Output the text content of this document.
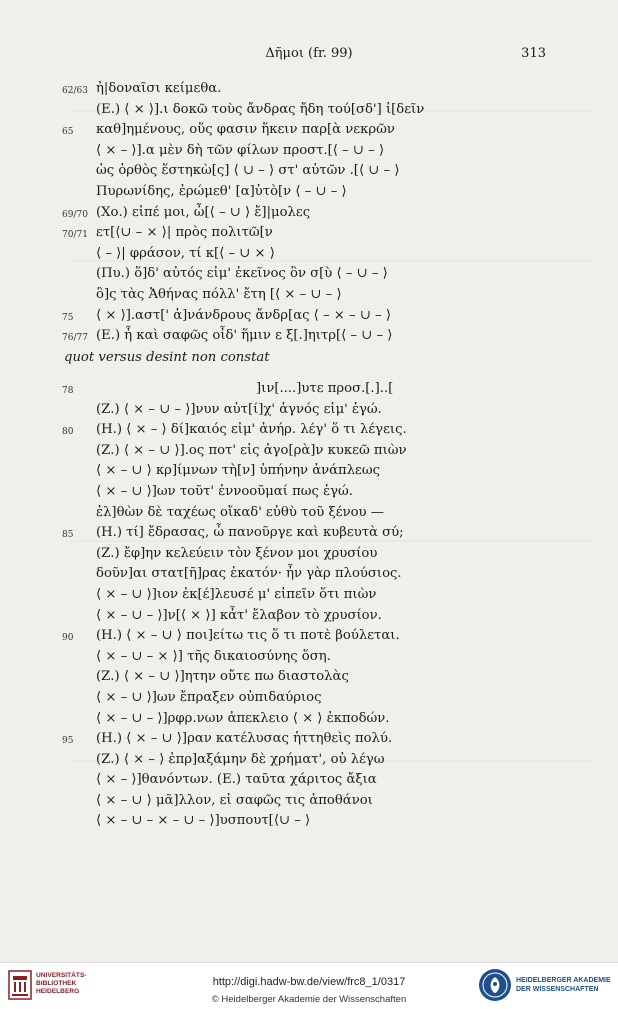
Δῆμοι (fr. 99)	313
62/63 ἠ|δοναῖσι κείμεθα.
(Ε.) ⟨ × ⟩].ι δοκῶ τοὺς ἄνδρας ἤδη τού[σδ'] ἰ[δεῖν
65 καθ]ημένους, οὕς φασιν ἥκειν παρ[ὰ νεκρῶν
⟨ × – ⟩].α μὲν δὴ τῶν φίλων προστ.[⟨ – ∪ – ⟩
ὡς ὀρθὸς ἕστηκὼ[ς] ⟨ ∪ – ⟩ στ' αὐτῶν .[⟨ ∪ – ⟩
Πυρωνίδης, ἐρώμεθ' [α]ὐτὸ[ν ⟨ – ∪ – ⟩
69/70 (Χο.) εἰπέ μοι, ὦ[⟨ – ∪ ⟩ ἔ]|μολες
70/71 ετ[⟨∪ – × ⟩| πρὸς πολιτῶ[ν
⟨ – ⟩| φράσον, τί κ[⟨ – ∪ × ⟩
(Πυ.) ὅ]δ' αὐτός εἰμ' ἐκεῖνος ὃν σ[ὺ ⟨ – ∪ – ⟩
ὃ]ς τὰς Ἀθήνας πόλλ' ἔτη [⟨ × – ∪ – ⟩
75 ⟨ × ⟩].αστ[' ἀ]νάνδρους ἄνδρ[ας ⟨ – × – ∪ – ⟩
76/77 (Ε.) ἦ καὶ σαφῶς οἶδ' ἥμιν ε ξ[.]ηιτρ[⟨ – ∪ – ⟩
quot versus desint non constat
78	]ιν[....]υτε προσ.[.]..[
(Ζ.) ⟨ × – ∪ – ⟩]νυν αὐτ[ί]χ' ἁγνός εἰμ' ἐγώ.
80 (Η.) ⟨ × – ⟩ δί]καιός εἰμ' ἀνήρ. λέγ' ὅ τι λέγεις.
(Ζ.) ⟨ × – ∪ ⟩].ος ποτ' εἰς ἀγο[ρὰ]ν κυκεῶ πιὼν
⟨ × – ∪ ⟩ κρ]ίμνων τὴ[ν] ὑπήνην ἀνάπλεως
⟨ × – ∪ ⟩]ων τοῦτ' ἐννοοῦμαί πως ἐγώ.
ἐλ]θὼν δὲ ταχέως οἴκαδ' εὐθὺ τοῦ ξένου —
85 (Η.) τί] ἔδρασας, ὦ πανοῦργε καὶ κυβευτὰ σύ;
(Ζ.) ἔφ]ην κελεύειν τὸν ξένον μοι χρυσίου
δοῦν]αι στατ[ῆ]ρας ἑκατόν· ἦν γὰρ πλούσιος.
⟨ × – ∪ ⟩]ιον ἐκ[έ]λευσέ μ' εἰπεῖν ὅτι πιὼν
⟨ × – ∪ – ⟩]ν[⟨ × ⟩] κἆτ' ἔλαβον τὸ χρυσίον.
90 (Η.) ⟨ × – ∪ ⟩ ποι]είτω τις ὅ τι ποτὲ βούλεται.
⟨ × – ∪ – × ⟩] τῆς δικαιοσύνης ὅση.
(Ζ.) ⟨ × – ∪ ⟩]ητην οὔτε πω διαστολὰς
⟨ × – ∪ ⟩]ων ἔπραξεν οὐπιδαύριος
⟨ × – ∪ – ⟩]ρφρ.νων ἀπεκλειο ⟨ × ⟩ ἐκποδών.
95 (Η.) ⟨ × – ∪ ⟩]ραν κατέλυσας ἡττηθεὶς πολύ.
(Ζ.) ⟨ × – ⟩ ἐπρ]αξάμην δὲ χρήματ', οὐ λέγω
⟨ × – ⟩]θανόντων. (Ε.) ταῦτα χάριτος ἄξια
⟨ × – ∪ ⟩ μᾶ]λλον, εἰ σαφῶς τις ἀποθάνοι
⟨ × – ∪ – × – ∪ – ⟩]υσπουτ[⟨∪ – ⟩
UNIVERSITÄTS-
BIBLIOTHEK
HEIDELBERG
http://digi.hadw-bw.de/view/frc8_1/0317
© Heidelberger Akademie der Wissenschaften
HEIDELBERGER AKADEMIE
DER WISSENSCHAFTEN
